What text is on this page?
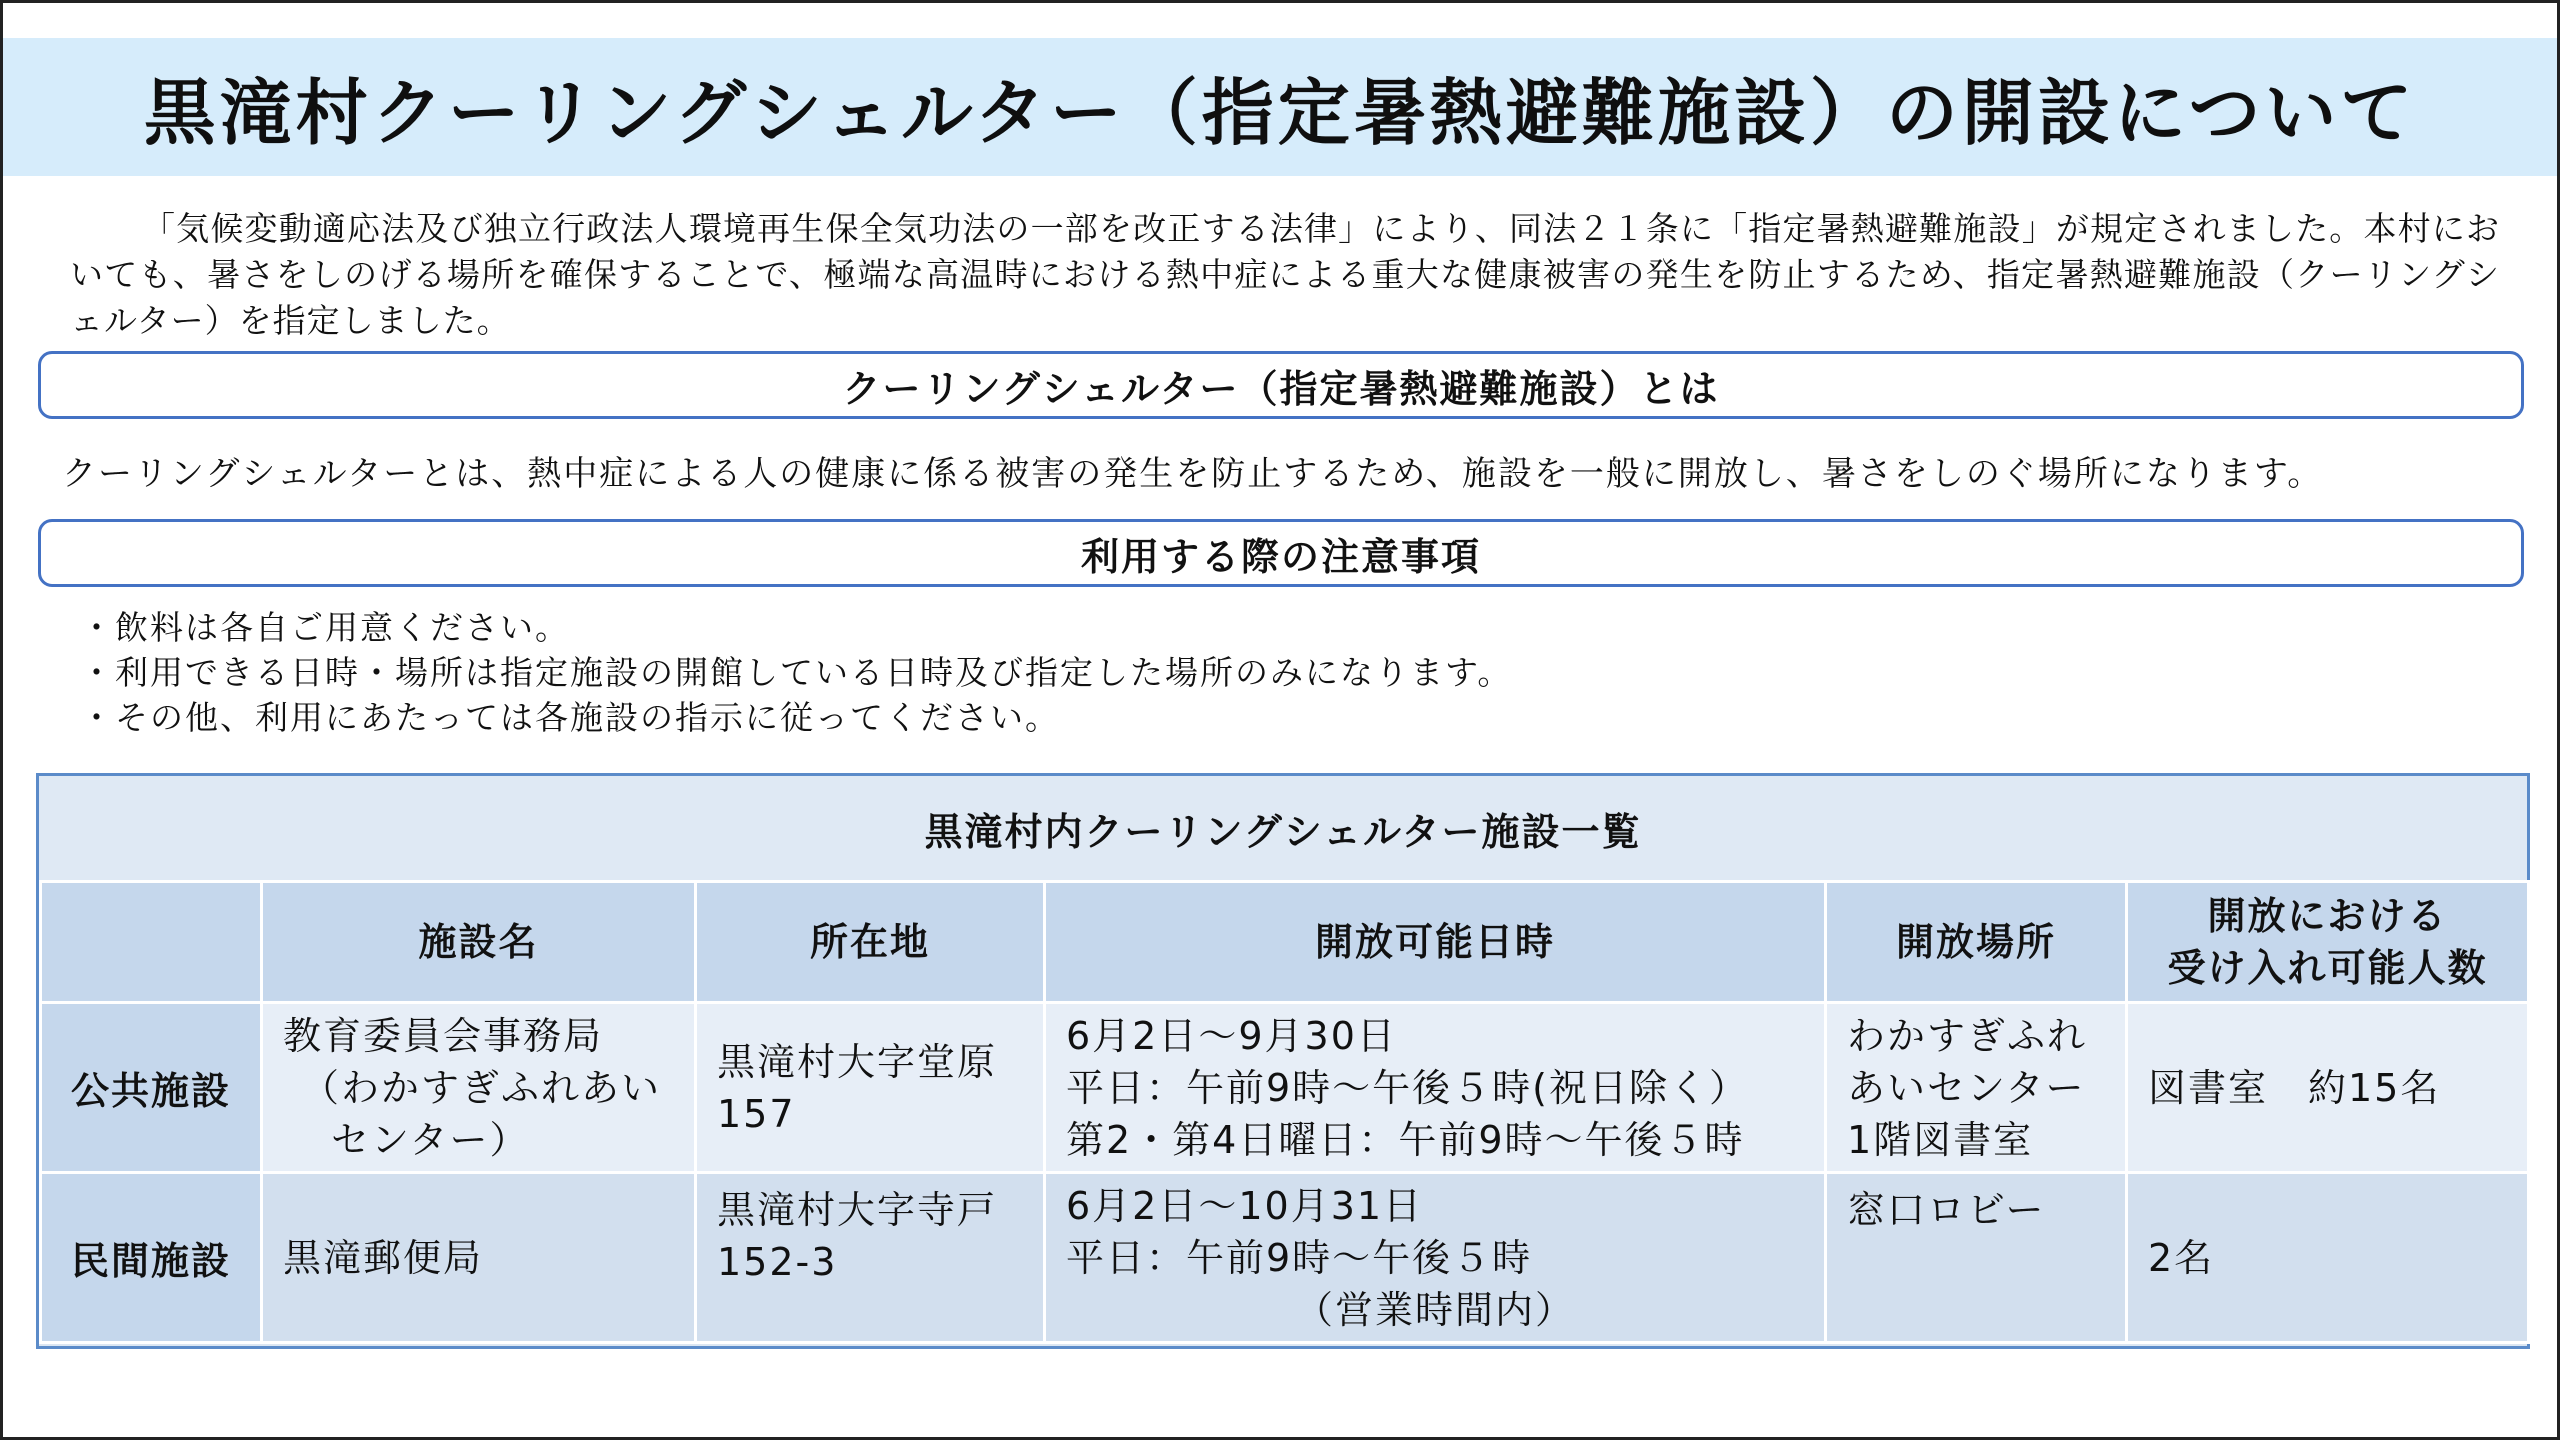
黒滝村クーリングシェルター（指定暑熱避難施設）の開設について
「気候変動適応法及び独立行政法人環境再生保全気功法の一部を改正する法律」により、同法２１条に「指定暑熱避難施設」が規定されました。本村においても、暑さをしのげる場所を確保することで、極端な高温時における熱中症による重大な健康被害の発生を防止するため、指定暑熱避難施設（クーリングシェルター）を指定しました。
クーリングシェルター（指定暑熱避難施設）とは
クーリングシェルターとは、熱中症による人の健康に係る被害の発生を防止するため、施設を一般に開放し、暑さをしのぐ場所になります。
利用する際の注意事項
・飲料は各自ご用意ください。
・利用できる日時・場所は指定施設の開館している日時及び指定した場所のみになります。
・その他、利用にあたっては各施設の指示に従ってください。
黒滝村内クーリングシェルター施設一覧
	施設名	所在地	開放可能日時	開放場所	開放における
受け入れ可能人数

公共施設	教育委員会事務局
（わかすぎふれあい
センター）	黒滝村大字堂原
157	6月2日～9月30日
平日：午前9時～午後５時(祝日除く）
第2・第4日曜日：午前9時～午後５時	わかすぎふれ
あいセンター
1階図書室	図書室　約15名
民間施設	黒滝郵便局	黒滝村大字寺戸
152-3	6月2日～10月31日
平日：午前9時～午後５時
（営業時間内）	窓口ロビー	2名
